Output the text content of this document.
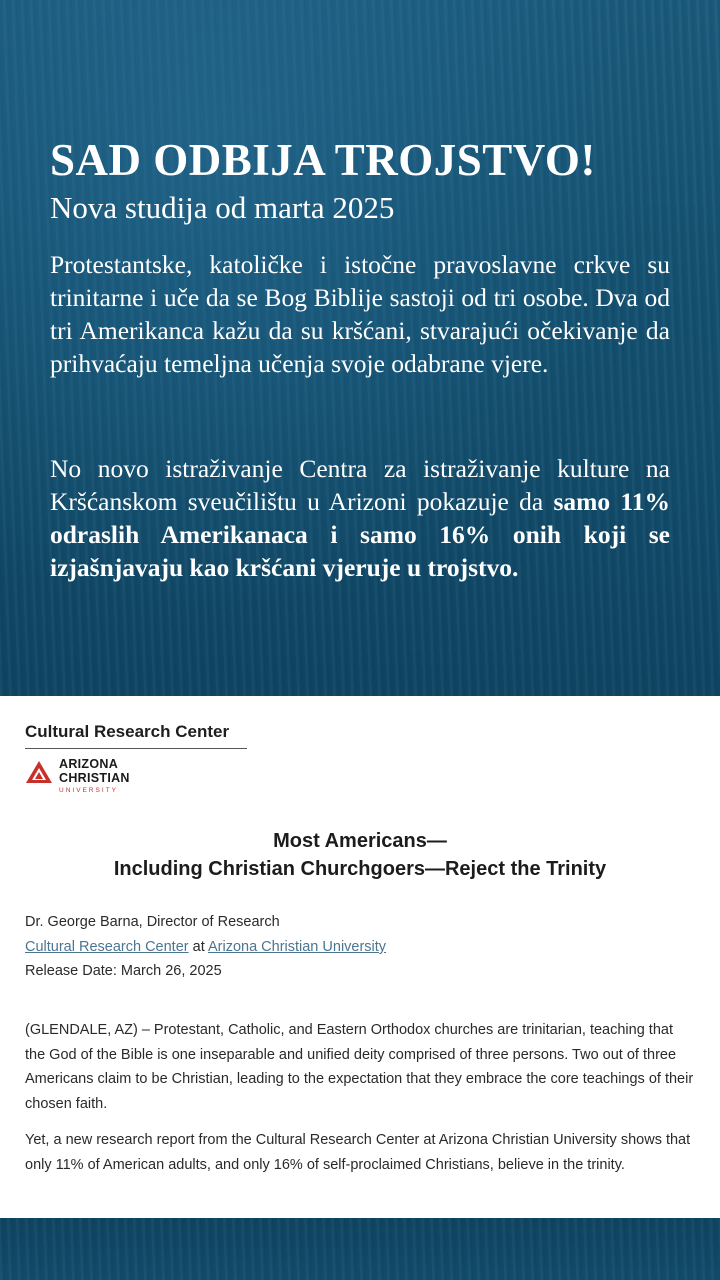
SAD ODBIJA TROJSTVO!
Nova studija od marta 2025
Protestantske, katoličke i istočne pravoslavne crkve su trinitarne i uče da se Bog Biblije sastoji od tri osobe. Dva od tri Amerikanca kažu da su kršćani, stvarajući očekivanje da prihvaćaju temeljna učenja svoje odabrane vjere.
No novo istraživanje Centra za istraživanje kulture na Kršćanskom sveučilištu u Arizoni pokazuje da samo 11% odraslih Amerikanaca i samo 16% onih koji se izjašnjavaju kao kršćani vjeruje u trojstvo.
Cultural Research Center
ARIZONA
CHRISTIAN
UNIVERSITY
Most Americans—
Including Christian Churchgoers—Reject the Trinity
Dr. George Barna, Director of Research
Cultural Research Center at Arizona Christian University
Release Date: March 26, 2025
(GLENDALE, AZ) – Protestant, Catholic, and Eastern Orthodox churches are trinitarian, teaching that the God of the Bible is one inseparable and unified deity comprised of three persons. Two out of three Americans claim to be Christian, leading to the expectation that they embrace the core teachings of their chosen faith.
Yet, a new research report from the Cultural Research Center at Arizona Christian University shows that only 11% of American adults, and only 16% of self-proclaimed Christians, believe in the trinity.
